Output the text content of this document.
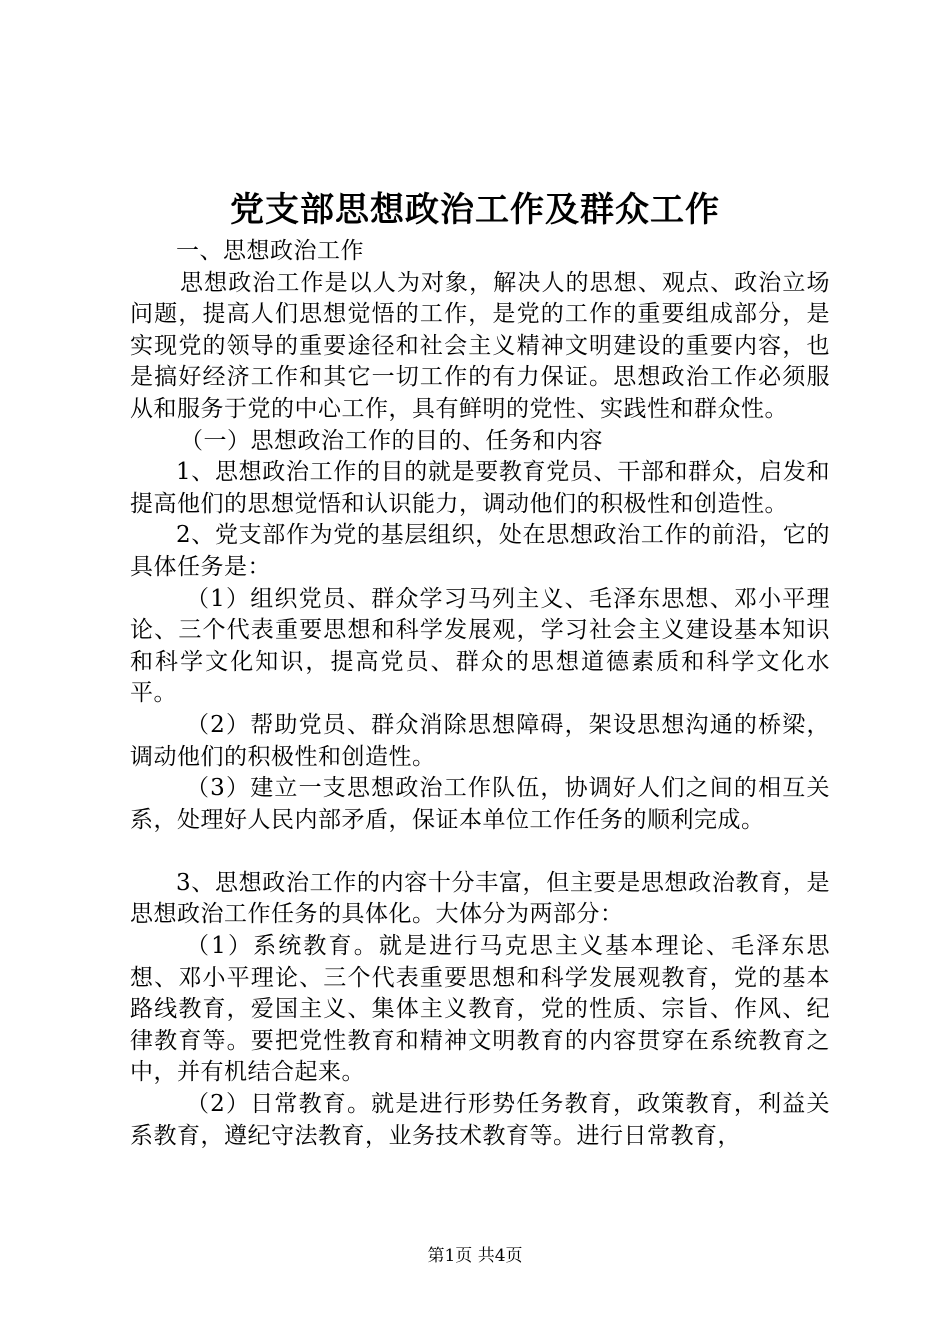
党支部思想政治工作及群众工作

一、思想政治工作

思想政治工作是以人为对象，解决人的思想、观点、政治立场问题，提高人们思想觉悟的工作，是党的工作的重要组成部分，是实现党的领导的重要途径和社会主义精神文明建设的重要内容，也是搞好经济工作和其它一切工作的有力保证。思想政治工作必须服从和服务于党的中心工作，具有鲜明的党性、实践性和群众性。

（一）思想政治工作的目的、任务和内容

1、思想政治工作的目的就是要教育党员、干部和群众，启发和提高他们的思想觉悟和认识能力，调动他们的积极性和创造性。

2、党支部作为党的基层组织，处在思想政治工作的前沿，它的具体任务是：

（1）组织党员、群众学习马列主义、毛泽东思想、邓小平理论、三个代表重要思想和科学发展观，学习社会主义建设基本知识和科学文化知识，提高党员、群众的思想道德素质和科学文化水平。

（2）帮助党员、群众消除思想障碍，架设思想沟通的桥梁，调动他们的积极性和创造性。

（3）建立一支思想政治工作队伍，协调好人们之间的相互关系，处理好人民内部矛盾，保证本单位工作任务的顺利完成。

3、思想政治工作的内容十分丰富，但主要是思想政治教育，是思想政治工作任务的具体化。大体分为两部分：

（1）系统教育。就是进行马克思主义基本理论、毛泽东思想、邓小平理论、三个代表重要思想和科学发展观教育，党的基本路线教育，爱国主义、集体主义教育，党的性质、宗旨、作风、纪律教育等。要把党性教育和精神文明教育的内容贯穿在系统教育之中，并有机结合起来。

（2）日常教育。就是进行形势任务教育，政策教育，利益关系教育，遵纪守法教育，业务技术教育等。进行日常教育，

第1页 共4页
